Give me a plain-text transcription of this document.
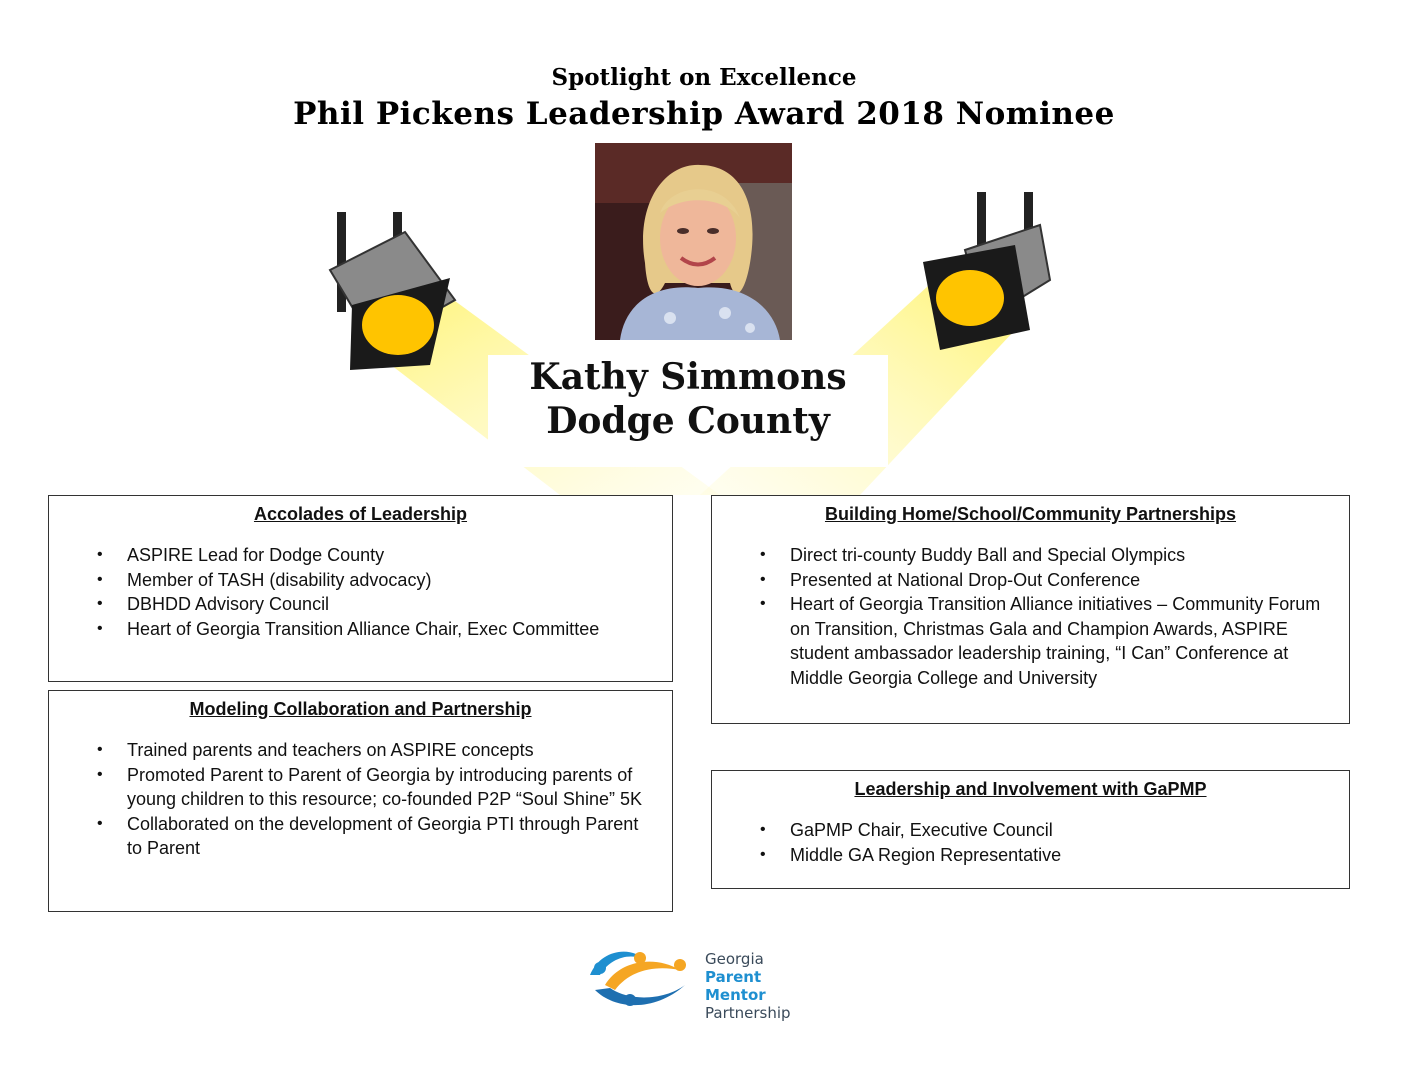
Spotlight on Excellence
Phil Pickens Leadership Award 2018 Nominee
Kathy Simmons
Dodge County
Accolades of Leadership
• ASPIRE Lead for Dodge County
• Member of TASH (disability advocacy)
• DBHDD Advisory Council
• Heart of Georgia Transition Alliance Chair, Exec Committee
Modeling Collaboration and Partnership
• Trained parents and teachers on ASPIRE concepts
• Promoted Parent to Parent of Georgia by introducing parents of young children to this resource; co-founded P2P “Soul Shine” 5K
• Collaborated on the development of Georgia PTI through Parent to Parent
Building Home/School/Community Partnerships
• Direct tri-county Buddy Ball and Special Olympics
• Presented at National Drop-Out Conference
• Heart of Georgia Transition Alliance initiatives – Community Forum on Transition, Christmas Gala and Champion Awards, ASPIRE student ambassador leadership training, “I Can” Conference at Middle Georgia College and University
Leadership and Involvement with GaPMP
• GaPMP Chair, Executive Council
• Middle GA Region Representative
Georgia
Parent Mentor
Partnership
